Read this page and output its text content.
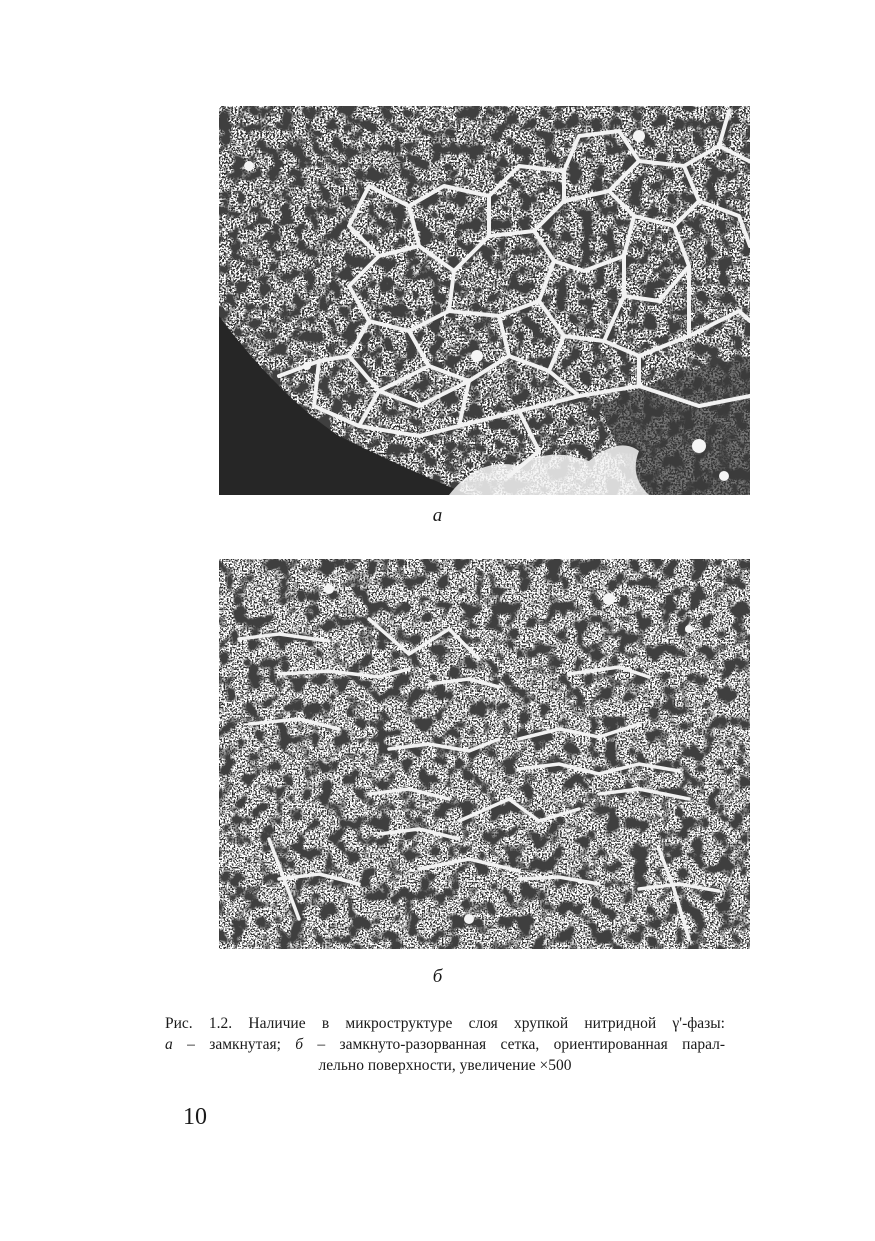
а
б
Рис. 1.2. Наличие в микроструктуре слоя хрупкой нитридной γ'-фазы:
а – замкнутая; б – замкнуто-разорванная сетка, ориентированная парал-
лельно поверхности, увеличение ×500
10
